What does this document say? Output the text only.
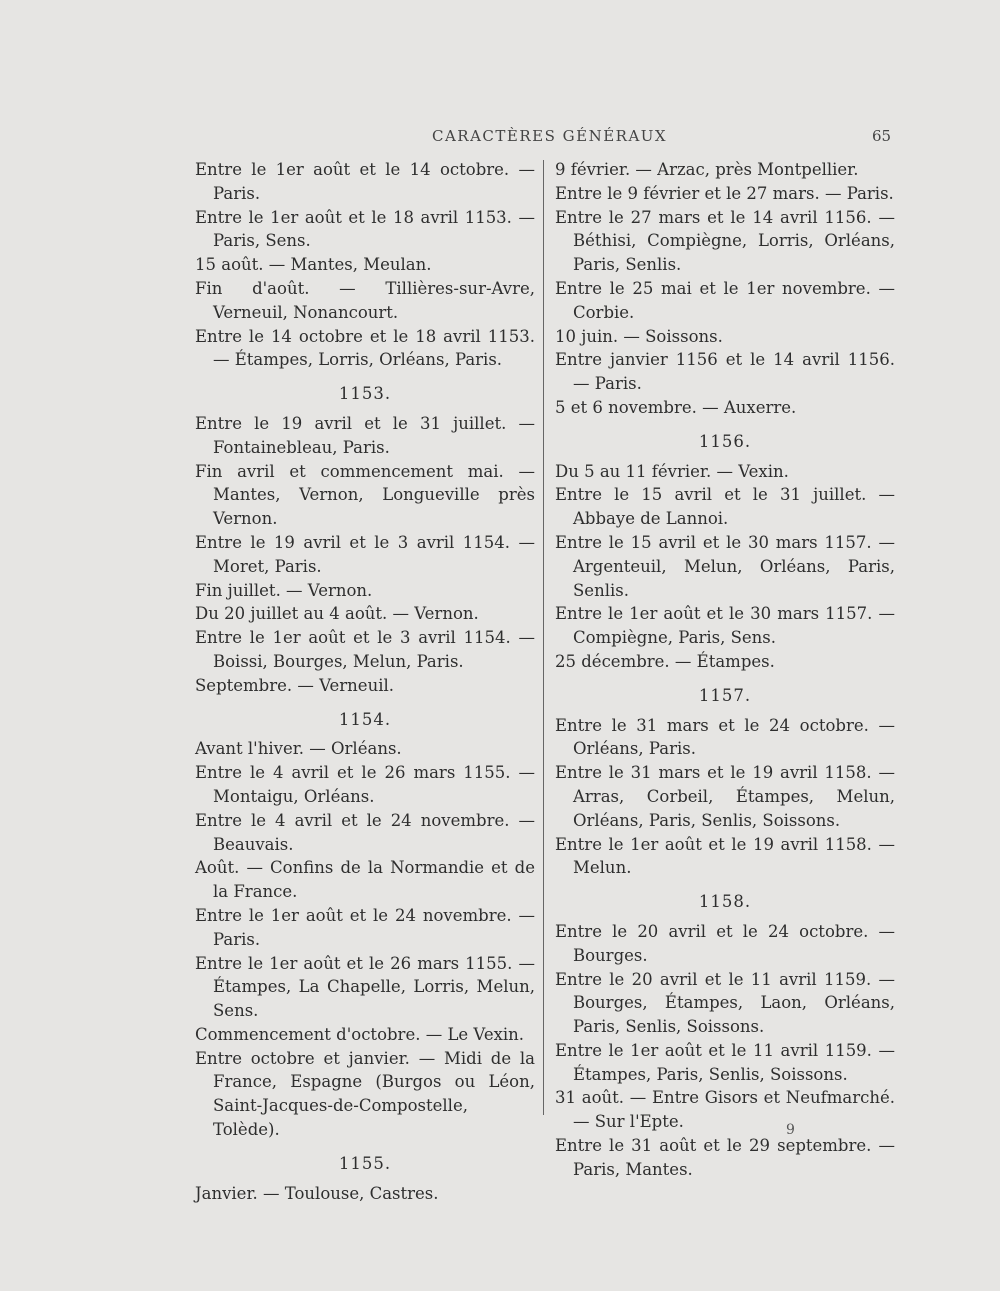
CARACTÈRES GÉNÉRAUX	65
Entre le 1er août et le 14 octobre. — Paris.
Entre le 1er août et le 18 avril 1153. — Paris, Sens.
15 août. — Mantes, Meulan.
Fin d'août. — Tillières-sur-Avre, Verneuil, Nonancourt.
Entre le 14 octobre et le 18 avril 1153. — Étampes, Lorris, Orléans, Paris.
1153.
Entre le 19 avril et le 31 juillet. — Fontainebleau, Paris.
Fin avril et commencement mai. — Mantes, Vernon, Longueville près Vernon.
Entre le 19 avril et le 3 avril 1154. — Moret, Paris.
Fin juillet. — Vernon.
Du 20 juillet au 4 août. — Vernon.
Entre le 1er août et le 3 avril 1154. — Boissi, Bourges, Melun, Paris.
Septembre. — Verneuil.
1154.
Avant l'hiver. — Orléans.
Entre le 4 avril et le 26 mars 1155. — Montaigu, Orléans.
Entre le 4 avril et le 24 novembre. — Beauvais.
Août. — Confins de la Normandie et de la France.
Entre le 1er août et le 24 novembre. — Paris.
Entre le 1er août et le 26 mars 1155. — Étampes, La Chapelle, Lorris, Melun, Sens.
Commencement d'octobre. — Le Vexin.
Entre octobre et janvier. — Midi de la France, Espagne (Burgos ou Léon, Saint-Jacques-de-Compostelle, Tolède).
1155.
Janvier. — Toulouse, Castres.
9 février. — Arzac, près Montpellier.
Entre le 9 février et le 27 mars. — Paris.
Entre le 27 mars et le 14 avril 1156. — Béthisi, Compiègne, Lorris, Orléans, Paris, Senlis.
Entre le 25 mai et le 1er novembre. — Corbie.
10 juin. — Soissons.
Entre janvier 1156 et le 14 avril 1156. — Paris.
5 et 6 novembre. — Auxerre.
1156.
Du 5 au 11 février. — Vexin.
Entre le 15 avril et le 31 juillet. — Abbaye de Lannoi.
Entre le 15 avril et le 30 mars 1157. — Argenteuil, Melun, Orléans, Paris, Senlis.
Entre le 1er août et le 30 mars 1157. — Compiègne, Paris, Sens.
25 décembre. — Étampes.
1157.
Entre le 31 mars et le 24 octobre. — Orléans, Paris.
Entre le 31 mars et le 19 avril 1158. — Arras, Corbeil, Étampes, Melun, Orléans, Paris, Senlis, Soissons.
Entre le 1er août et le 19 avril 1158. — Melun.
1158.
Entre le 20 avril et le 24 octobre. — Bourges.
Entre le 20 avril et le 11 avril 1159. — Bourges, Étampes, Laon, Orléans, Paris, Senlis, Soissons.
Entre le 1er août et le 11 avril 1159. — Étampes, Paris, Senlis, Soissons.
31 août. — Entre Gisors et Neufmarché. — Sur l'Epte.
Entre le 31 août et le 29 septembre. — Paris, Mantes.
9
